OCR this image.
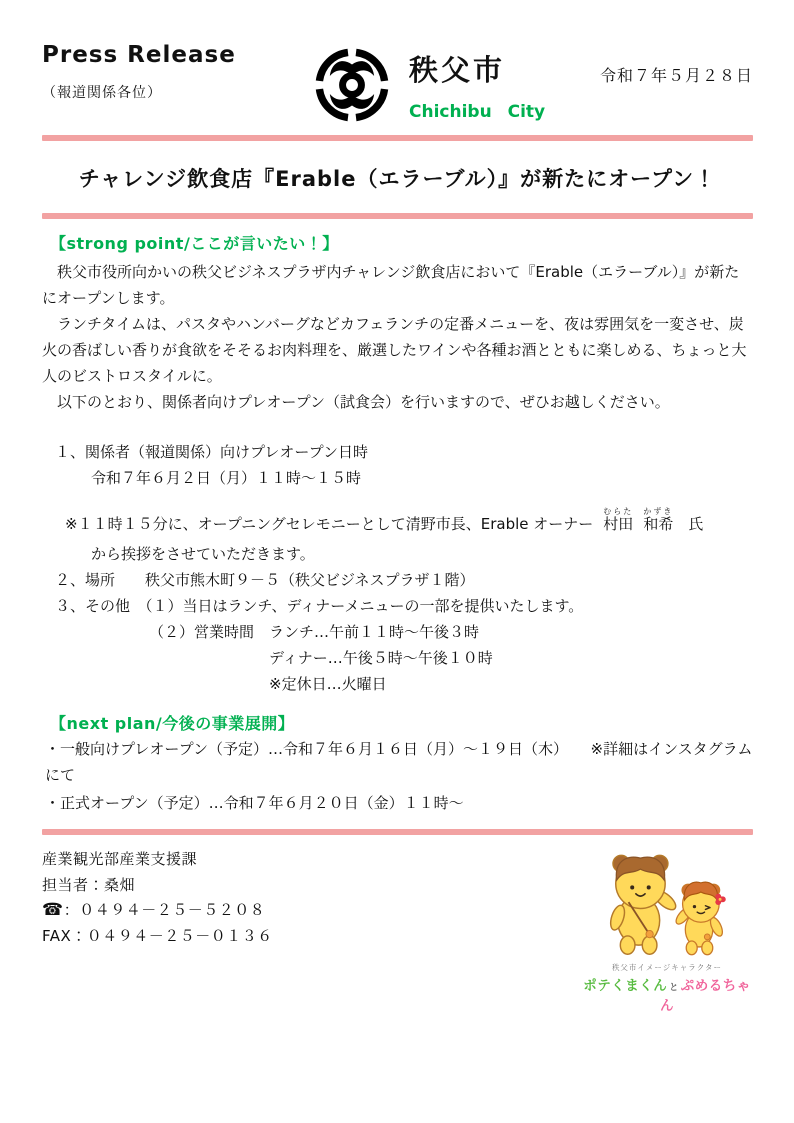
Press Release
（報道関係各位）
秩父市
Chichibu City
令和７年５月２８日
チャレンジ飲食店『Erable（エラーブル）』が新たにオープン！
【strong point/ここが言いたい！】

秩父市役所向かいの秩父ビジネスプラザ内チャレンジ飲食店において『Erable（エラーブル）』が新たにオープンします。

ランチタイムは、パスタやハンバーグなどカフェランチの定番メニューを、夜は雰囲気を一変させ、炭火の香ばしい香りが食欲をそそるお肉料理を、厳選したワインや各種お酒とともに楽しめる、ちょっと大人のビストロスタイルに。

以下のとおり、関係者向けプレオープン（試食会）を行いますので、ぜひお越しください。

１、関係者（報道関係）向けプレオープン日時
令和７年６月２日（月）１１時～１５時
※１１時１５分に、オープニングセレモニーとして清野市長、Erable オーナー 村田むらた和希かずき　氏
から挨拶をさせていただきます。
２、場所　　秩父市熊木町９－５（秩父ビジネスプラザ１階）
３、その他　（１）当日はランチ、ディナーメニューの一部を提供いたします。
（２）営業時間　ランチ…午前１１時～午後３時
ディナー…午後５時～午後１０時
※定休日…火曜日
【next plan/今後の事業展開】
・一般向けプレオープン（予定）…令和７年６月１６日（月）～１９日（木）　　※詳細はインスタグラムにて
・正式オープン（予定）…令和７年６月２０日（金）１１時～
産業観光部産業支援課
担当者：桑畑
☎：０４９４－２５－５２０８
FAX：０４９４－２５－０１３６
秩父市イメージキャラクター
ポテくまくん と ぷめるちゃん
